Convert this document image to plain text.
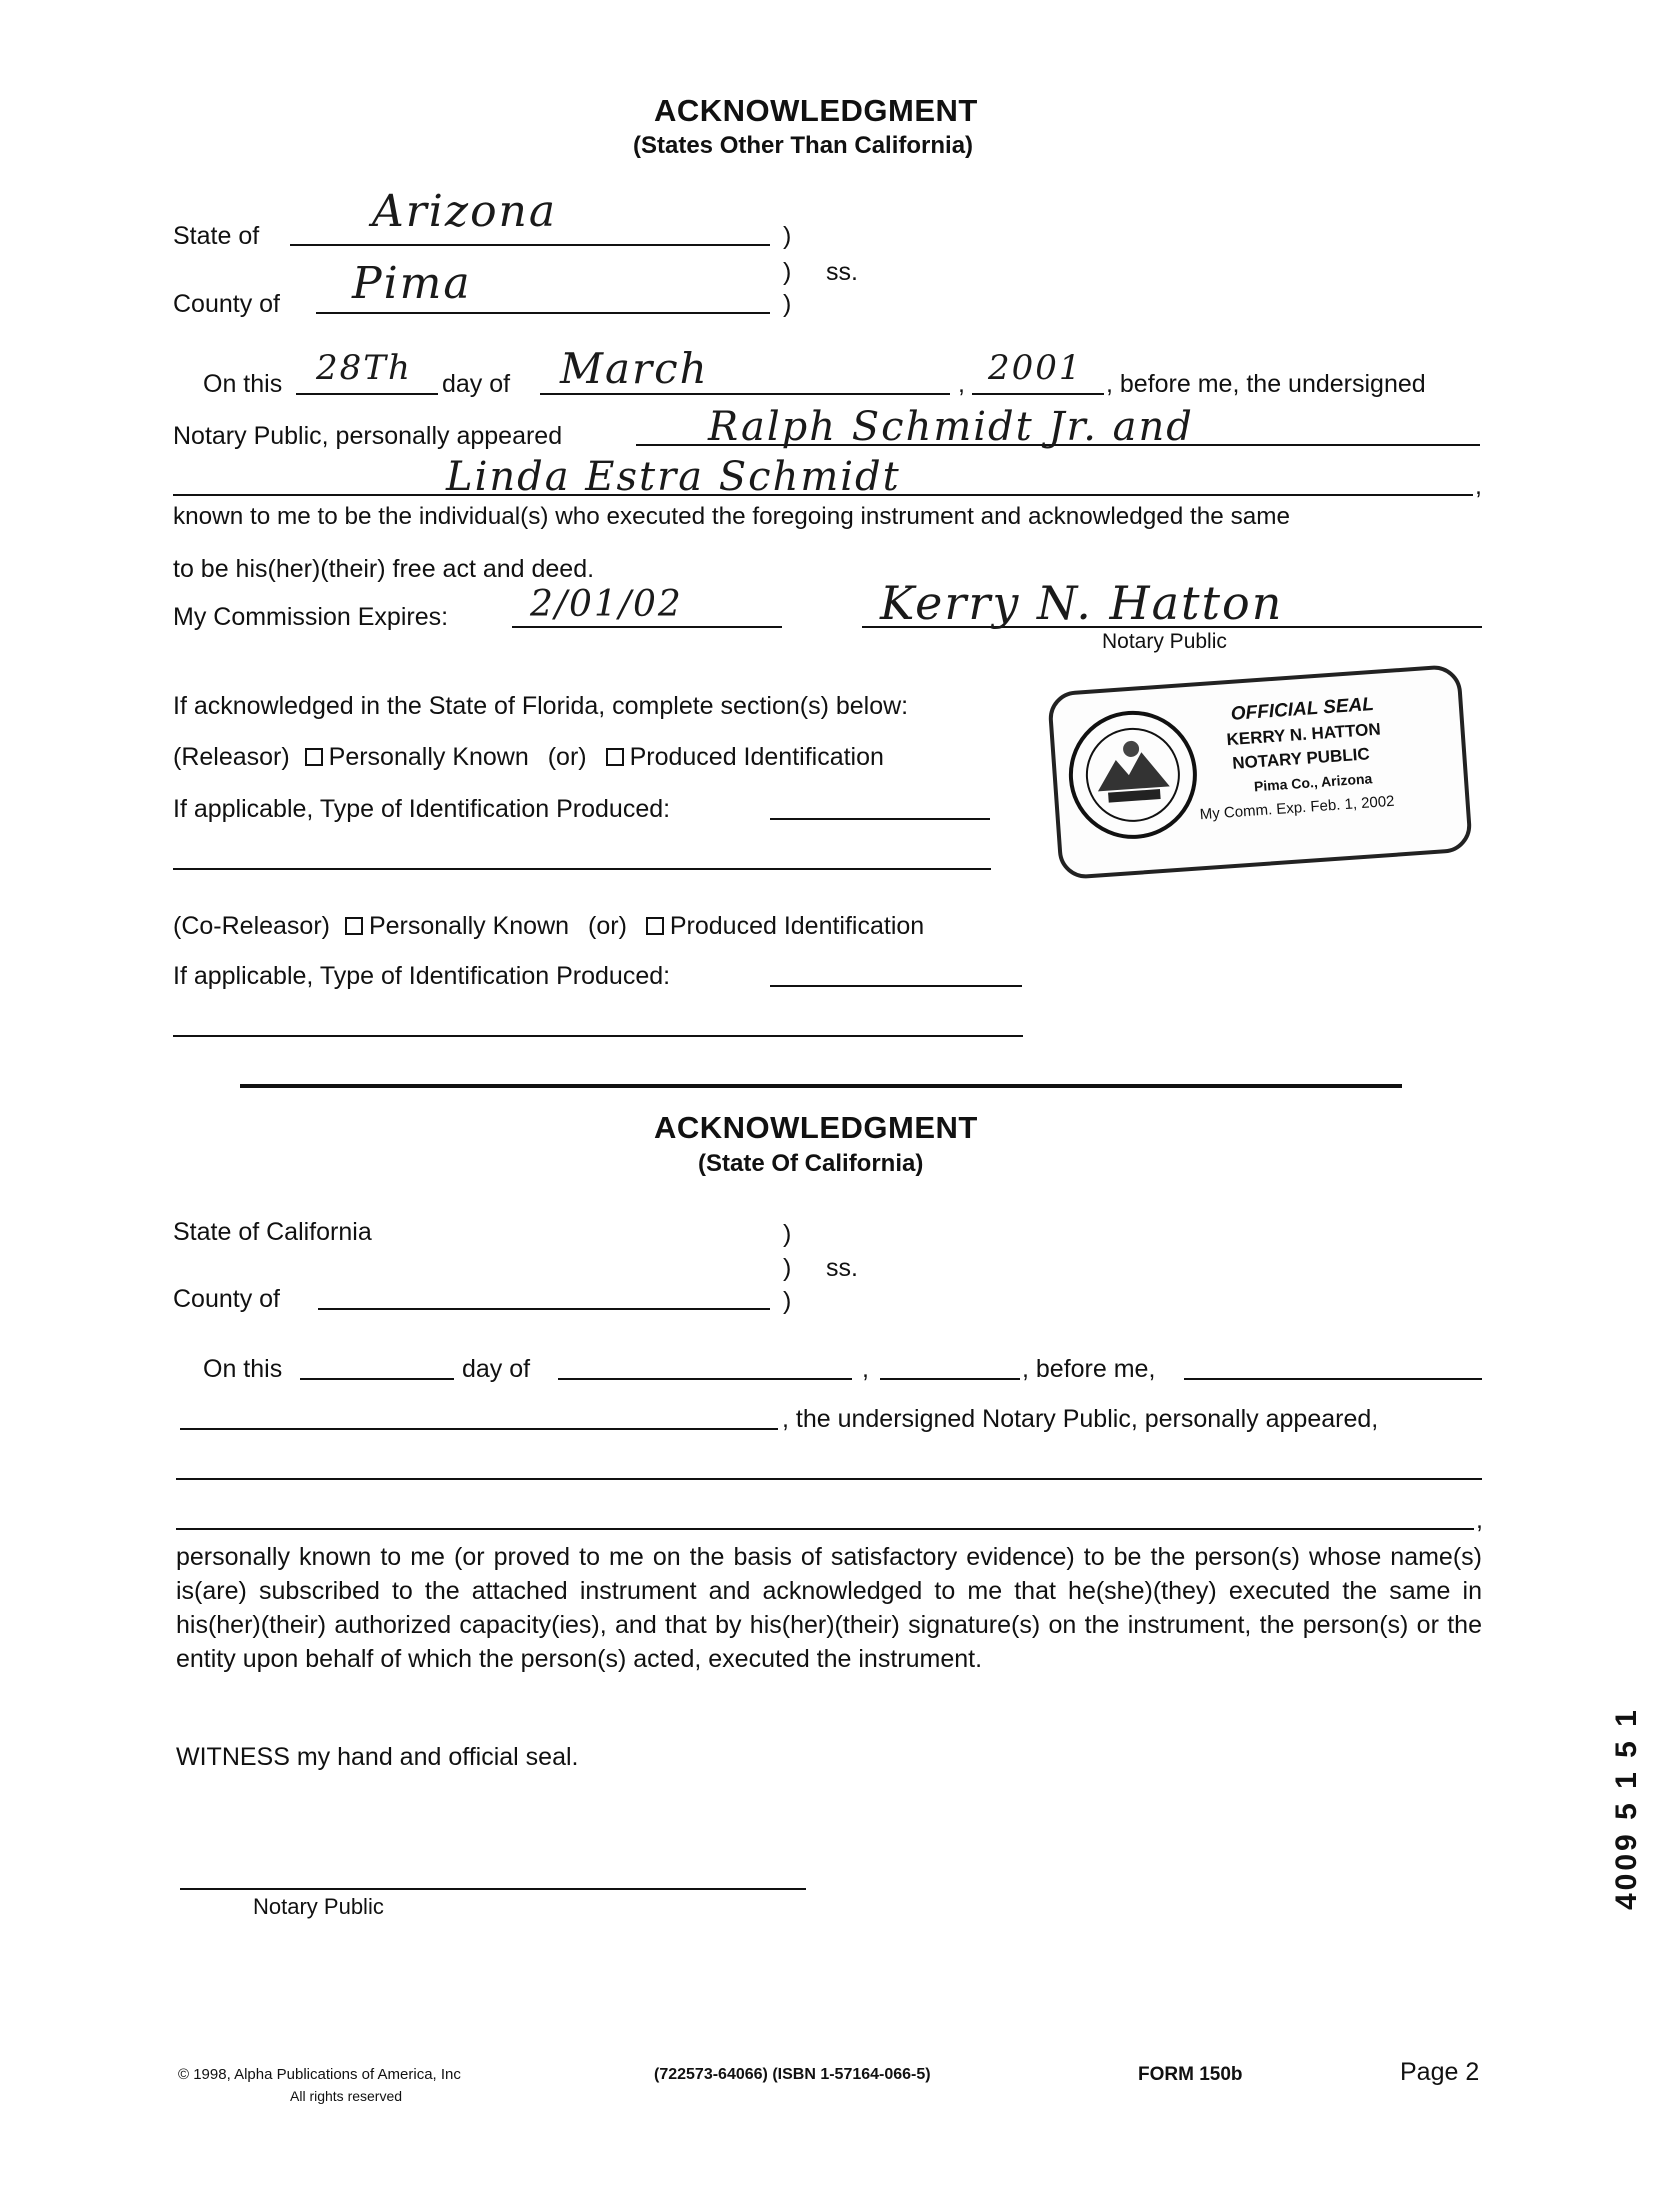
ACKNOWLEDGMENT
(States Other Than California)
State of	Arizona	)
) ss.
County of Pima	)
On this 28Th day of March	, 2001 , before me, the undersigned
Notary Public, personally appeared	Ralph Schmidt Jr. and
Linda Estra Schmidt	,
known to me to be the individual(s) who executed the foregoing instrument and acknowledged the same
to be his(her)(their) free act and deed.
My Commission Expires: 2/01/02	Kerry N. Hatton
Notary Public
OFFICIAL SEAL
KERRY N. HATTON
NOTARY PUBLIC
Pima Co., Arizona
My Comm. Exp. Feb. 1, 2002
If acknowledged in the State of Florida, complete section(s) below:
(Releasor) Personally Known (or) Produced Identification
If applicable, Type of Identification Produced:
(Co-Releasor) Personally Known (or) Produced Identification
If applicable, Type of Identification Produced:
ACKNOWLEDGMENT
(State Of California)
State of California	)
) ss.
County of	)
On this	day of	,	, before me,
, the undersigned Notary Public, personally appeared,
,
personally known to me (or proved to me on the basis of satisfactory evidence) to be the person(s) whose name(s) is(are) subscribed to the attached instrument and acknowledged to me that he(she)(they) executed the same in his(her)(their) authorized capacity(ies), and that by his(her)(their) signature(s) on the instrument, the person(s) or the entity upon behalf of which the person(s) acted, executed the instrument.
WITNESS my hand and official seal.
Notary Public
© 1998, Alpha Publications of America, Inc
All rights reserved
(722573-64066) (ISBN 1-57164-066-5)	FORM 150b	Page 2
4009 5 1 5 1
